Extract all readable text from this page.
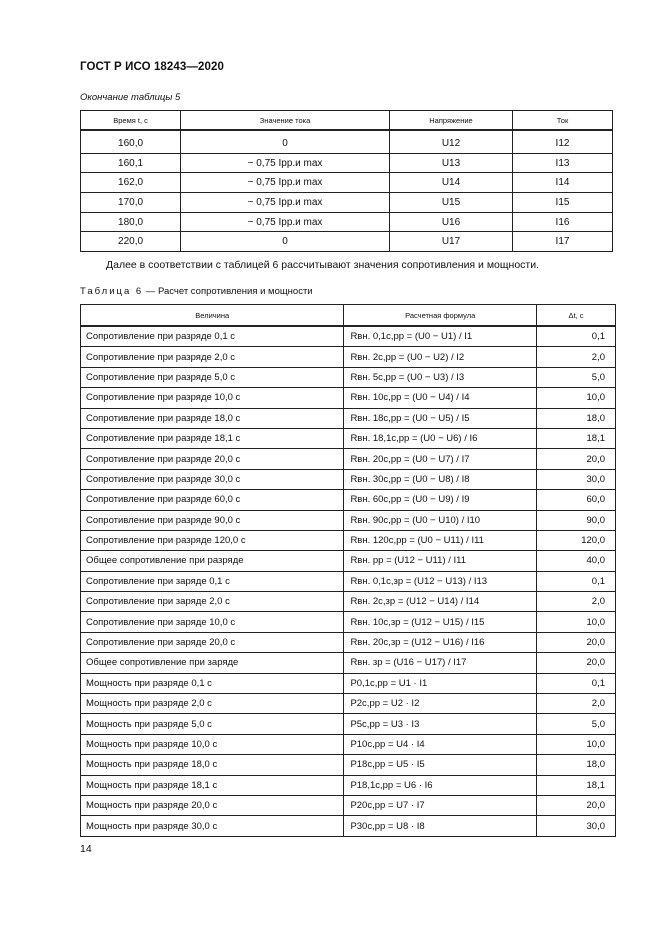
ГОСТ Р ИСО 18243—2020
Окончание таблицы 5
Время t, с	Значение тока	Напряжение	Ток
160,0	0	U12	I12
160,1	− 0,75 Iрр.и max	U13	I13
162,0	− 0,75 Iрр.и max	U14	I14
170,0	− 0,75 Iрр.и max	U15	I15
180,0	− 0,75 Iрр.и max	U16	I16
220,0	0	U17	I17
Далее в соответствии с таблицей 6 рассчитывают значения сопротивления и мощности.
Таблица 6 — Расчет сопротивления и мощности
Величина	Расчетная формула	Δt, с
Сопротивление при разряде 0,1 с	Rвн. 0,1с,рр = (U0 − U1) / I1	0,1
Сопротивление при разряде 2,0 с	Rвн. 2с,рр = (U0 − U2) / I2	2,0
Сопротивление при разряде 5,0 с	Rвн. 5с,рр = (U0 − U3) / I3	5,0
Сопротивление при разряде 10,0 с	Rвн. 10с,рр = (U0 − U4) / I4	10,0
Сопротивление при разряде 18,0 с	Rвн. 18с,рр = (U0 − U5) / I5	18,0
Сопротивление при разряде 18,1 с	Rвн. 18,1с,рр = (U0 − U6) / I6	18,1
Сопротивление при разряде 20,0 с	Rвн. 20с,рр = (U0 − U7) / I7	20,0
Сопротивление при разряде 30,0 с	Rвн. 30с,рр = (U0 − U8) / I8	30,0
Сопротивление при разряде 60,0 с	Rвн. 60с,рр = (U0 − U9) / I9	60,0
Сопротивление при разряде 90,0 с	Rвн. 90с,рр = (U0 − U10) / I10	90,0
Сопротивление при разряде 120,0 с	Rвн. 120с,рр = (U0 − U11) / I11	120,0
Общее сопротивление при разряде	Rвн. рр = (U12 − U11) / I11	40,0
Сопротивление при заряде 0,1 с	Rвн. 0,1с,зр = (U12 − U13) / I13	0,1
Сопротивление при заряде 2,0 с	Rвн. 2с,зр = (U12 − U14) / I14	2,0
Сопротивление при заряде 10,0 с	Rвн. 10с,зр = (U12 − U15) / I15	10,0
Сопротивление при заряде 20,0 с	Rвн. 20с,зр = (U12 − U16) / I16	20,0
Общее сопротивление при заряде	Rвн. зр = (U16 − U17) / I17	20,0
Мощность при разряде 0,1 с	P0,1с,рр = U1 · I1	0,1
Мощность при разряде 2,0 с	P2с,рр = U2 · I2	2,0
Мощность при разряде 5,0 с	P5с,рр = U3 · I3	5,0
Мощность при разряде 10,0 с	P10с,рр = U4 · I4	10,0
Мощность при разряде 18,0 с	P18с,рр = U5 · I5	18,0
Мощность при разряде 18,1 с	P18,1с,рр = U6 · I6	18,1
Мощность при разряде 20,0 с	P20с,рр = U7 · I7	20,0
Мощность при разряде 30,0 с	P30с,рр = U8 · I8	30,0
14
